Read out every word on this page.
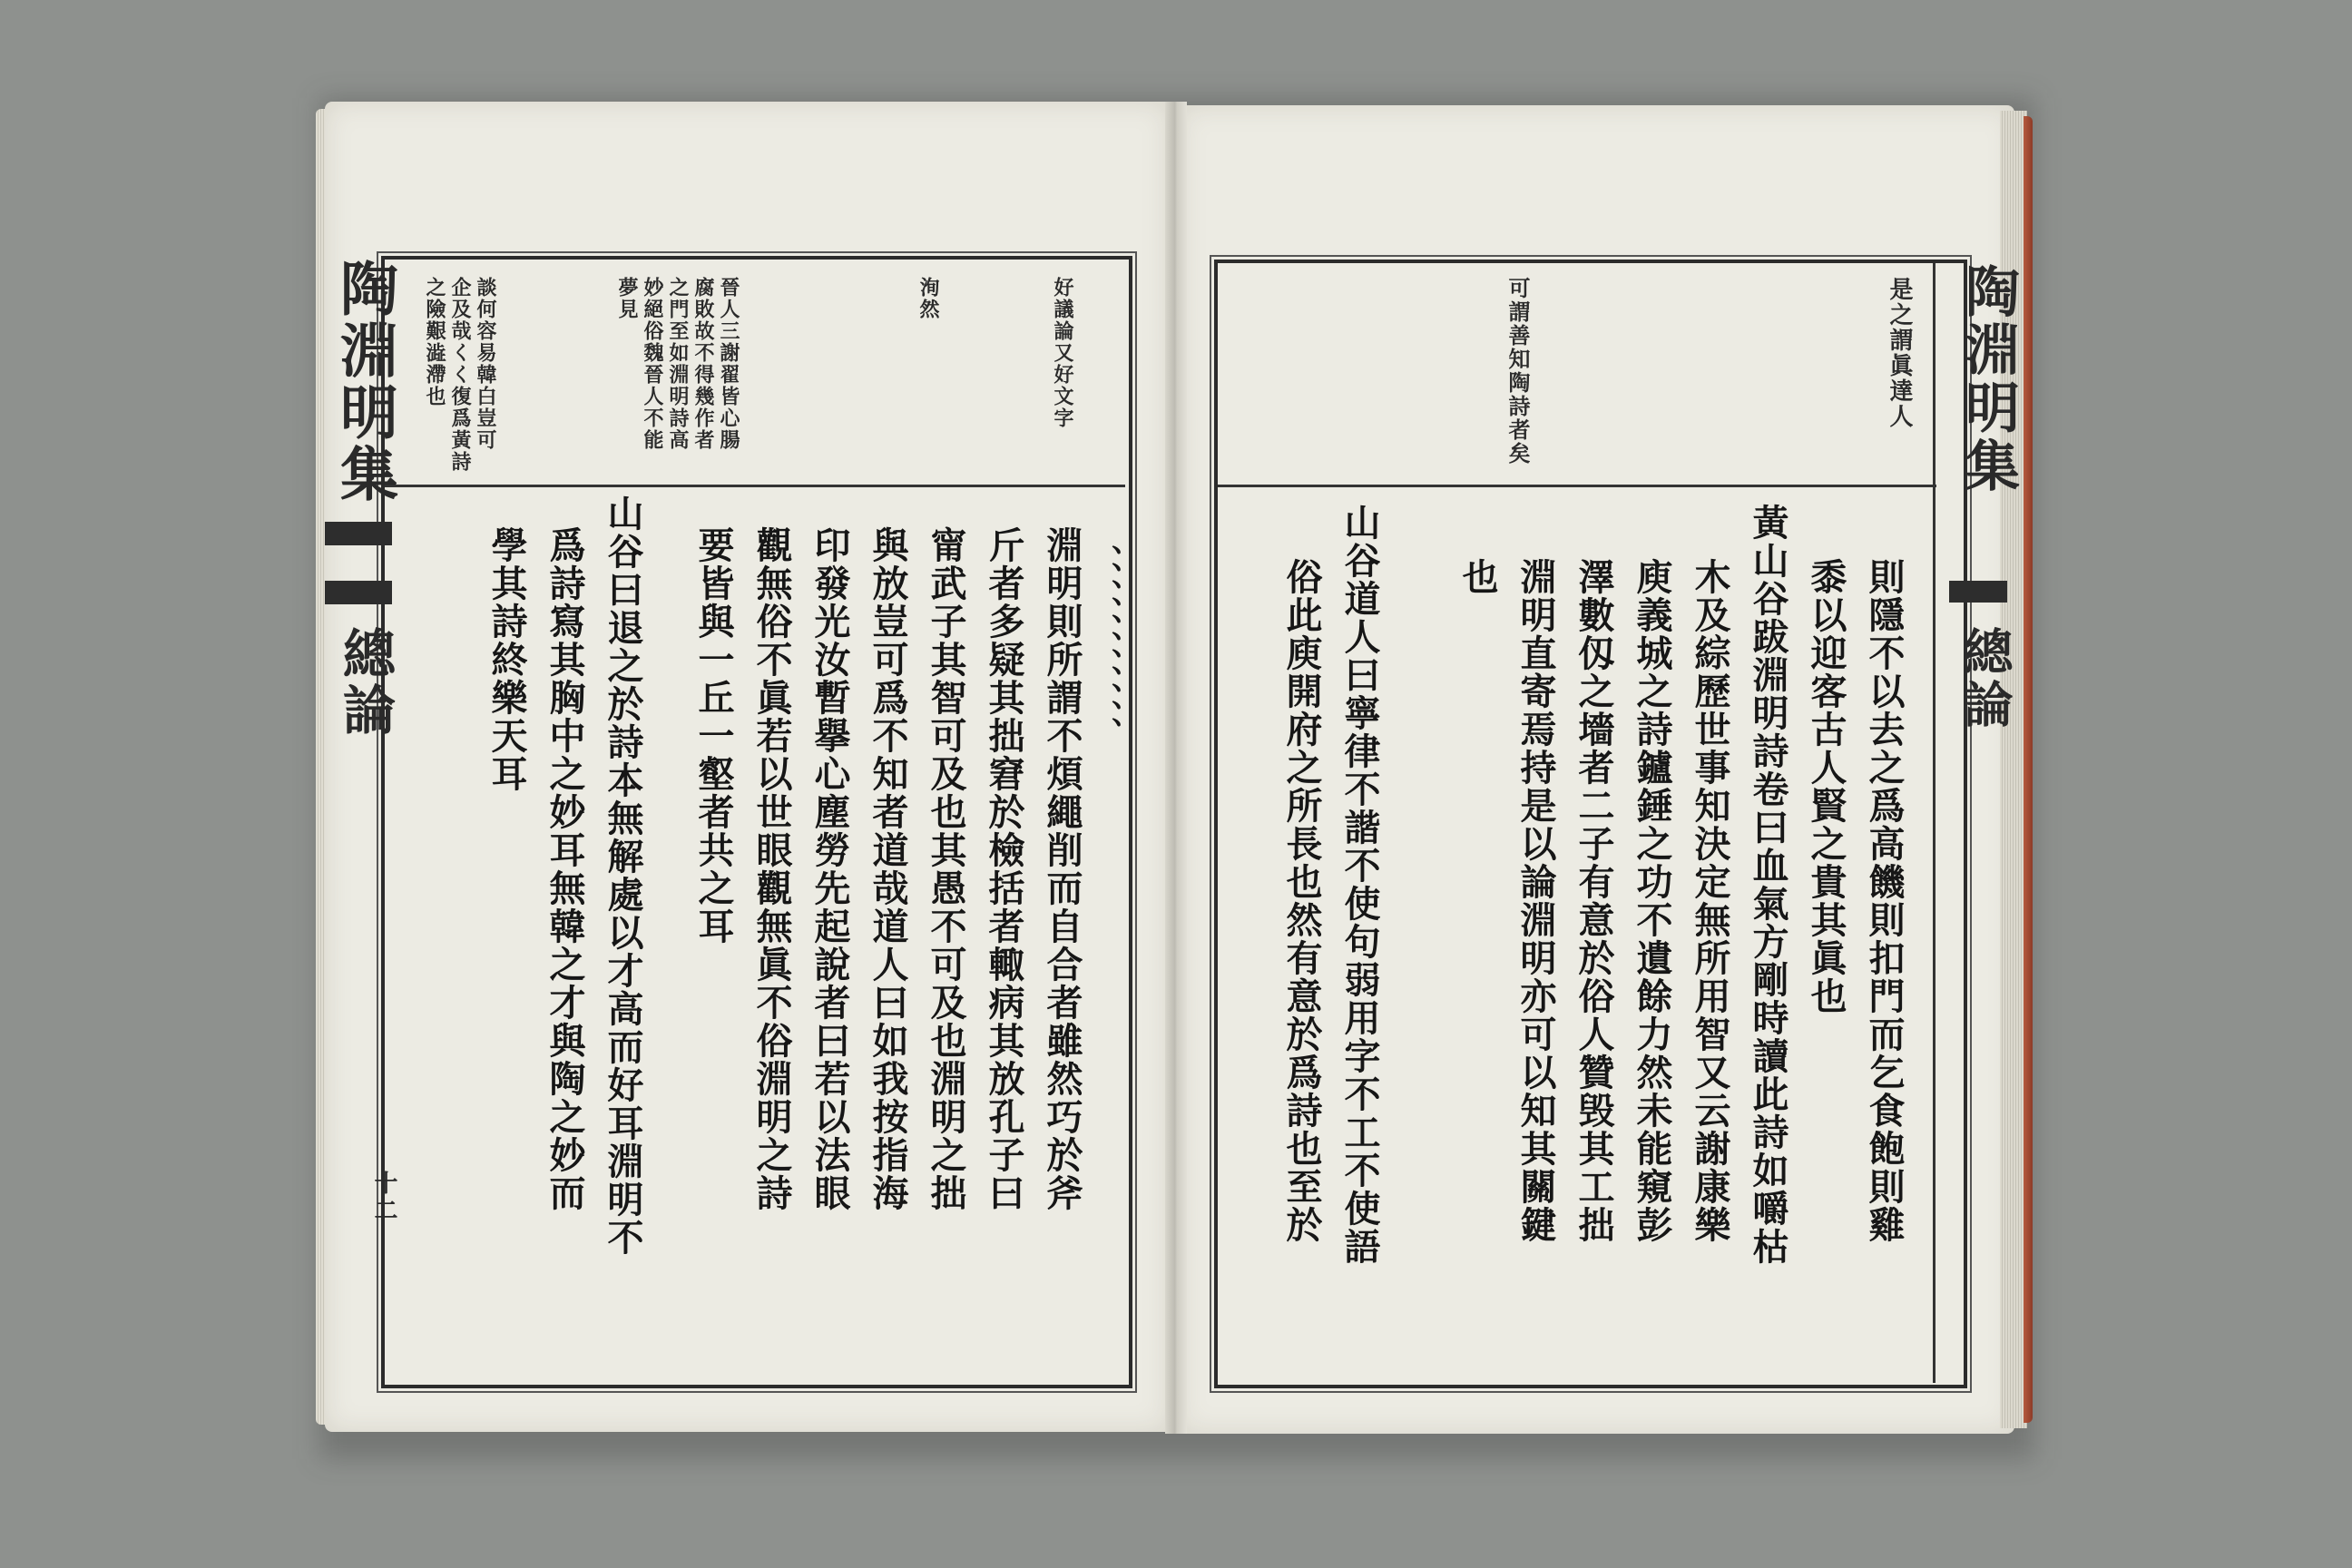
陶淵明集
總論
十二
好議論又好文字
洵然
晉人三謝翟皆心腸
腐敗故不得幾作者
之門至如淵明詩高
妙絕俗魏晉人不能
夢見
談何容易韓白豈可
企及哉くく復爲黃詩
之險艱澁滯也
、、、、、、、、、、、
淵明則所謂不煩繩削而自合者雖然巧於斧
斤者多疑其拙窘於檢括者輙病其放孔子曰
甯武子其智可及也其愚不可及也淵明之拙
與放豈可爲不知者道哉道人曰如我按指海
印發光汝暫擧心塵勞先起說者曰若以法眼
觀無俗不眞若以世眼觀無眞不俗淵明之詩
要皆與一丘一壑者共之耳
山谷曰退之於詩本無解處以才高而好耳淵明不
爲詩寫其胸中之妙耳無韓之才與陶之妙而
學其詩終樂天耳
陶淵明集
總論
是之謂眞達人
可謂善知陶詩者矣
則隱不以去之爲高饑則扣門而乞食飽則雞
黍以迎客古人賢之貴其眞也
黃山谷跋淵明詩卷曰血氣方剛時讀此詩如嚼枯
木及綜歷世事知決定無所用智又云謝康樂
庾義城之詩鑪錘之功不遺餘力然未能窺彭
澤數仭之墻者二子有意於俗人贊毁其工拙
淵明直寄焉持是以論淵明亦可以知其關鍵
也
山谷道人曰寧律不諧不使句弱用字不工不使語
俗此庾開府之所長也然有意於爲詩也至於
